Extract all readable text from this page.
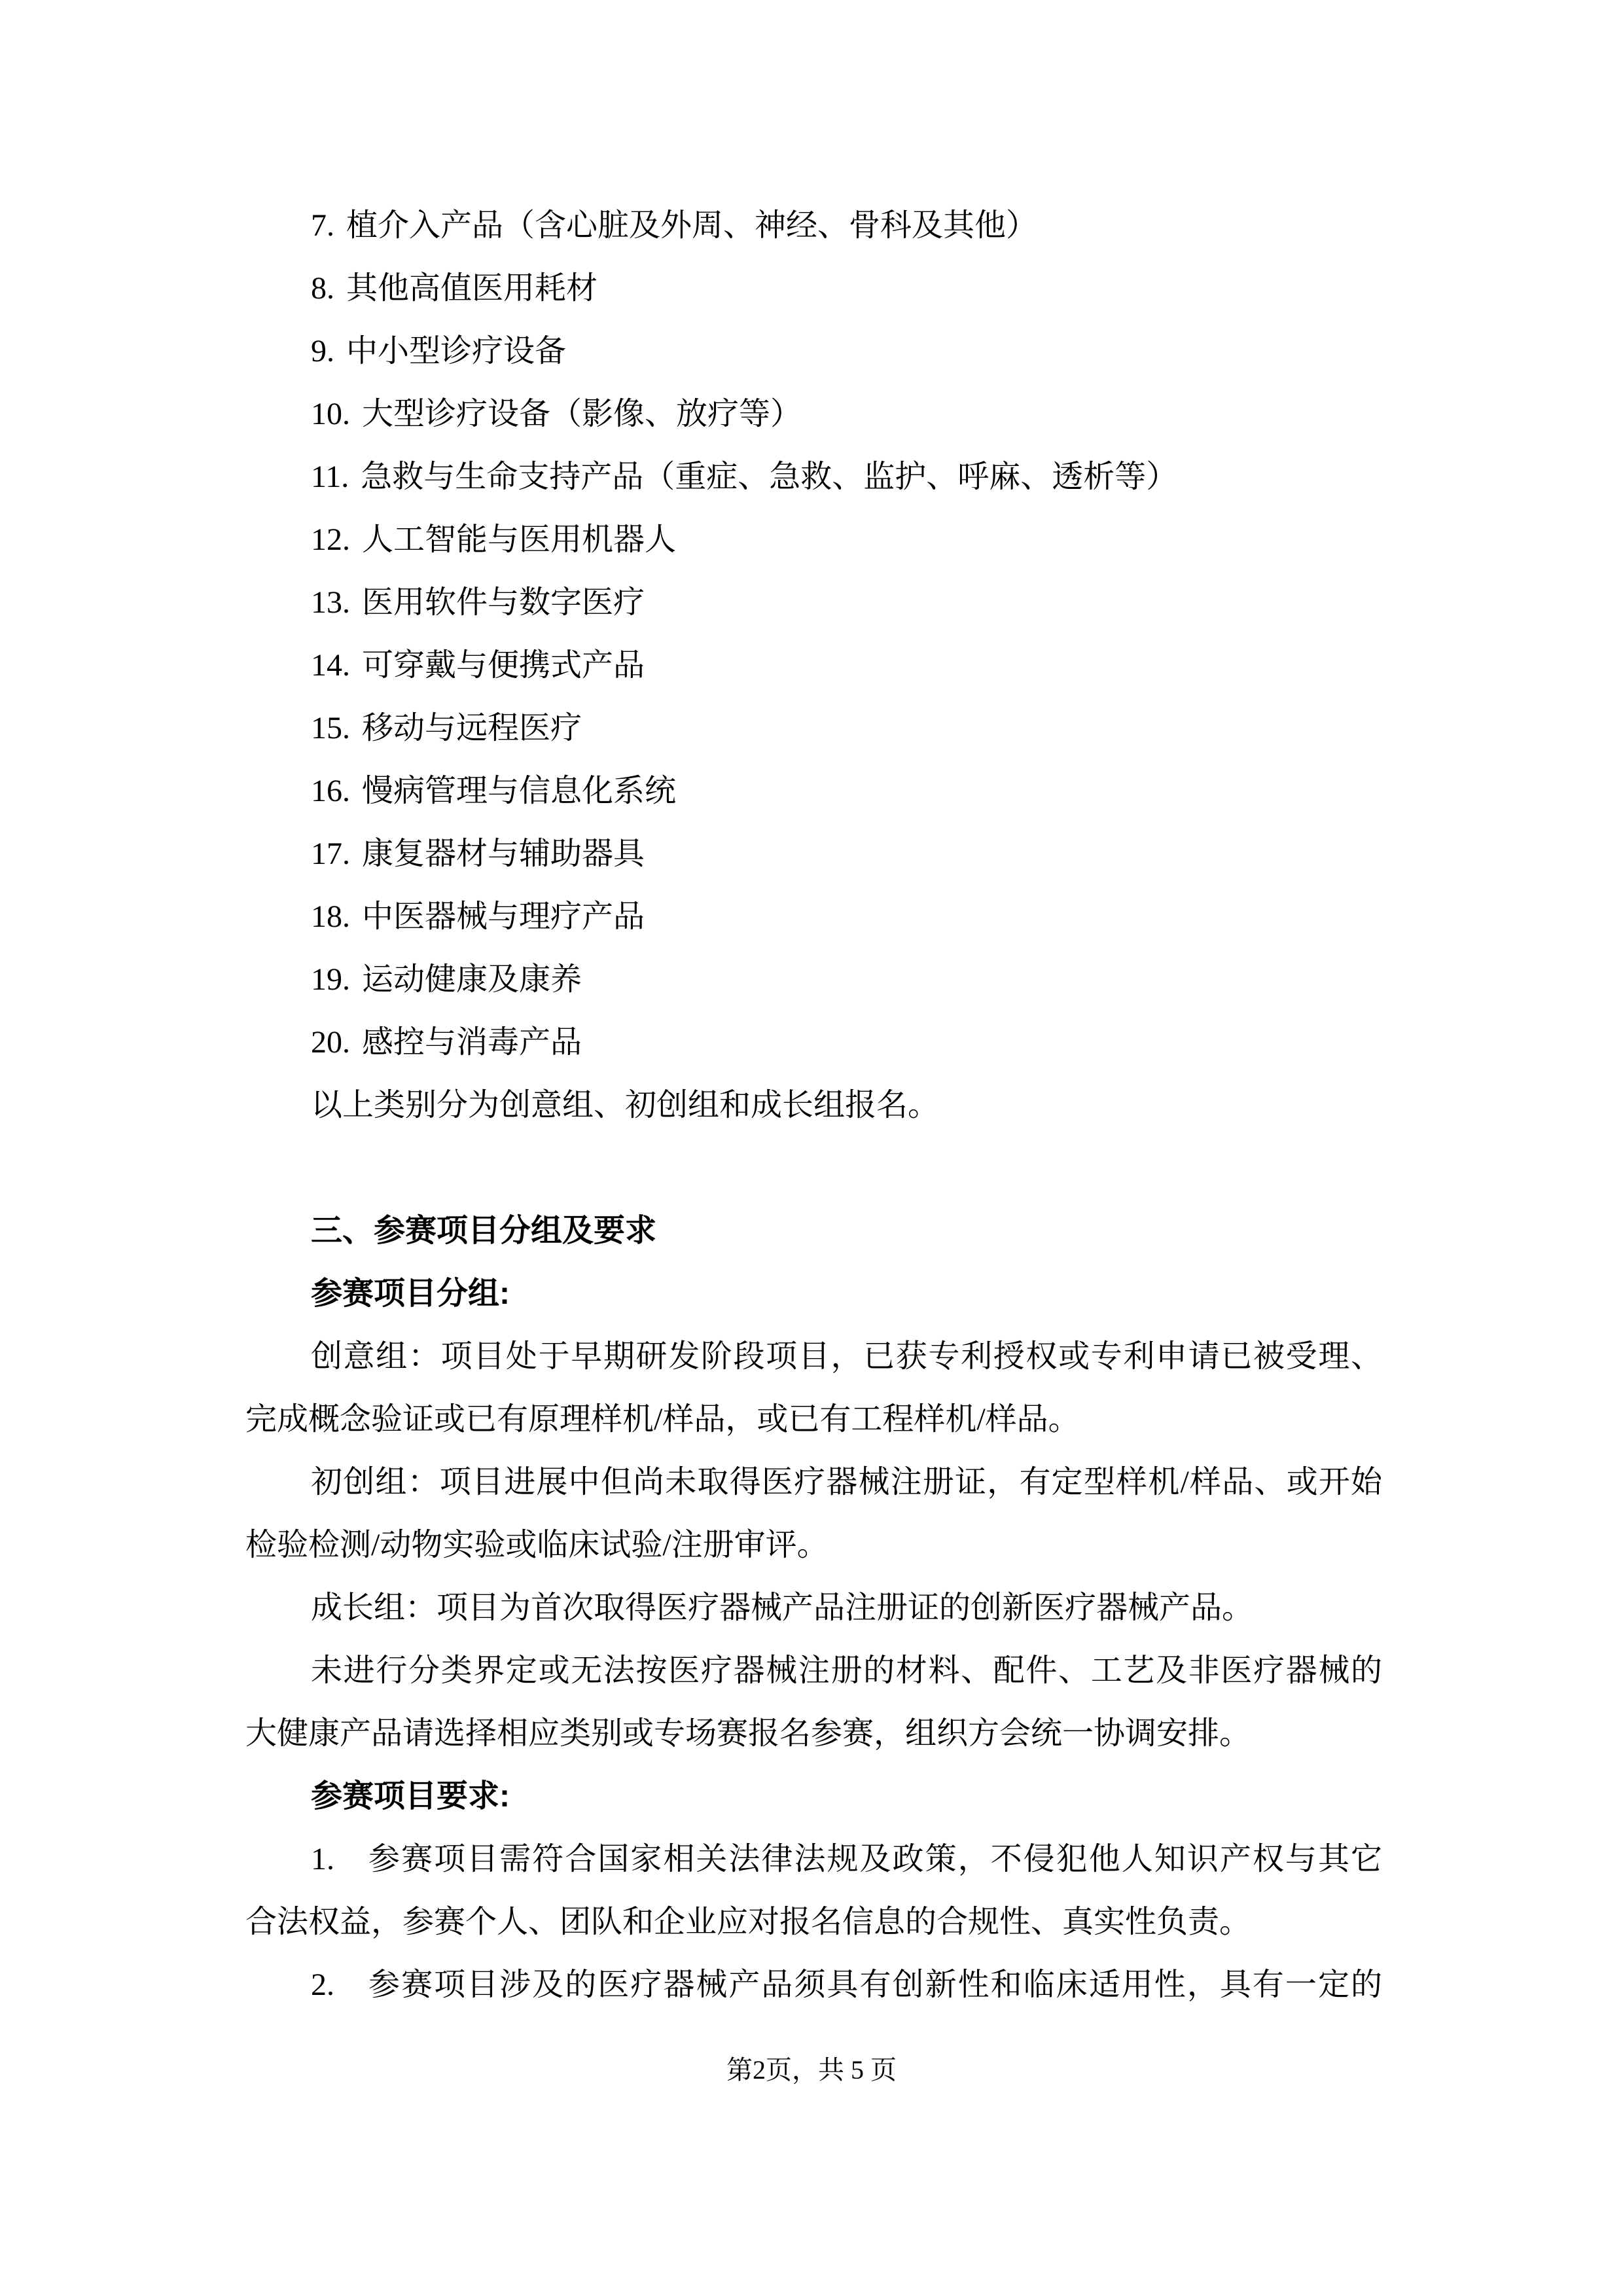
7. 植介入产品（含心脏及外周、神经、骨科及其他）
8. 其他高值医用耗材
9. 中小型诊疗设备
10. 大型诊疗设备（影像、放疗等）
11. 急救与生命支持产品（重症、急救、监护、呼麻、透析等）
12. 人工智能与医用机器人
13. 医用软件与数字医疗
14. 可穿戴与便携式产品
15. 移动与远程医疗
16. 慢病管理与信息化系统
17. 康复器材与辅助器具
18. 中医器械与理疗产品
19. 运动健康及康养
20. 感控与消毒产品
以上类别分为创意组、初创组和成长组报名。
三、参赛项目分组及要求
参赛项目分组:
创意组：项目处于早期研发阶段项目，已获专利授权或专利申请已被受理、
完成概念验证或已有原理样机/样品，或已有工程样机/样品。
初创组：项目进展中但尚未取得医疗器械注册证，有定型样机/样品、或开始
检验检测/动物实验或临床试验/注册审评。
成长组：项目为首次取得医疗器械产品注册证的创新医疗器械产品。
未进行分类界定或无法按医疗器械注册的材料、配件、工艺及非医疗器械的
大健康产品请选择相应类别或专场赛报名参赛，组织方会统一协调安排。
参赛项目要求:
1.　参赛项目需符合国家相关法律法规及政策，不侵犯他人知识产权与其它
合法权益，参赛个人、团队和企业应对报名信息的合规性、真实性负责。
2.　参赛项目涉及的医疗器械产品须具有创新性和临床适用性，具有一定的
第2页，共 5 页
